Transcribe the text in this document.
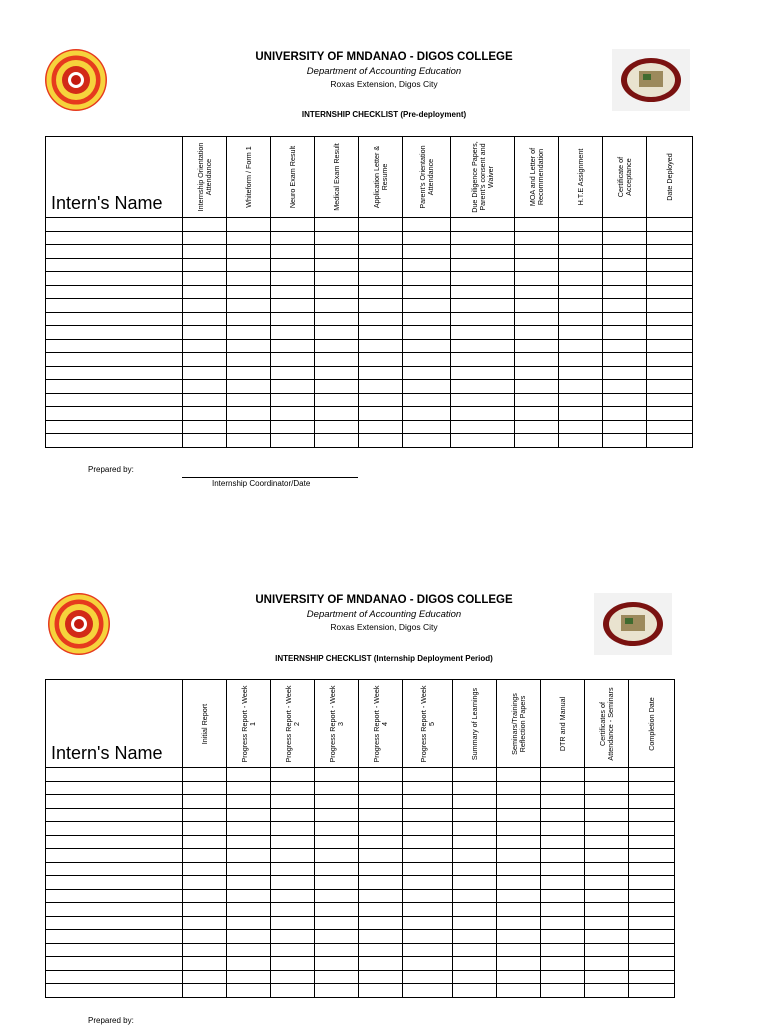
UNIVERSITY OF MNDANAO - DIGOS COLLEGE
Department of Accounting Education
Roxas Extension, Digos City
INTERNSHIP CHECKLIST (Pre-deployment)
Intern's Name	Internship Orientation Attendance	Whiteform / Form 1	Neuro Exam Result	Medical Exam Result	Application Letter & Resume	Parent's Orientation Attendance	Due Diligence Papers, Parent's consent and Waiver	MOA and Letter of Recommendation	H.T.E Assignment	Certificate of Acceptance	Date Deployed

Prepared by:
Internship Coordinator/Date
UNIVERSITY OF MNDANAO - DIGOS COLLEGE
Department of Accounting Education
Roxas Extension, Digos City
INTERNSHIP CHECKLIST (Internship Deployment Period)
Intern's Name	Initial Report	Progress Report - Week 1	Progress Report - Week 2	Progress Report - Week 3	Progress Report - Week 4	Progress Report - Week 5	Summary of Learnings	Seminars/Trainings Reflection Papers	DTR and Manual	Certificates of Attendance - Seminars	Completion Date

Prepared by:
